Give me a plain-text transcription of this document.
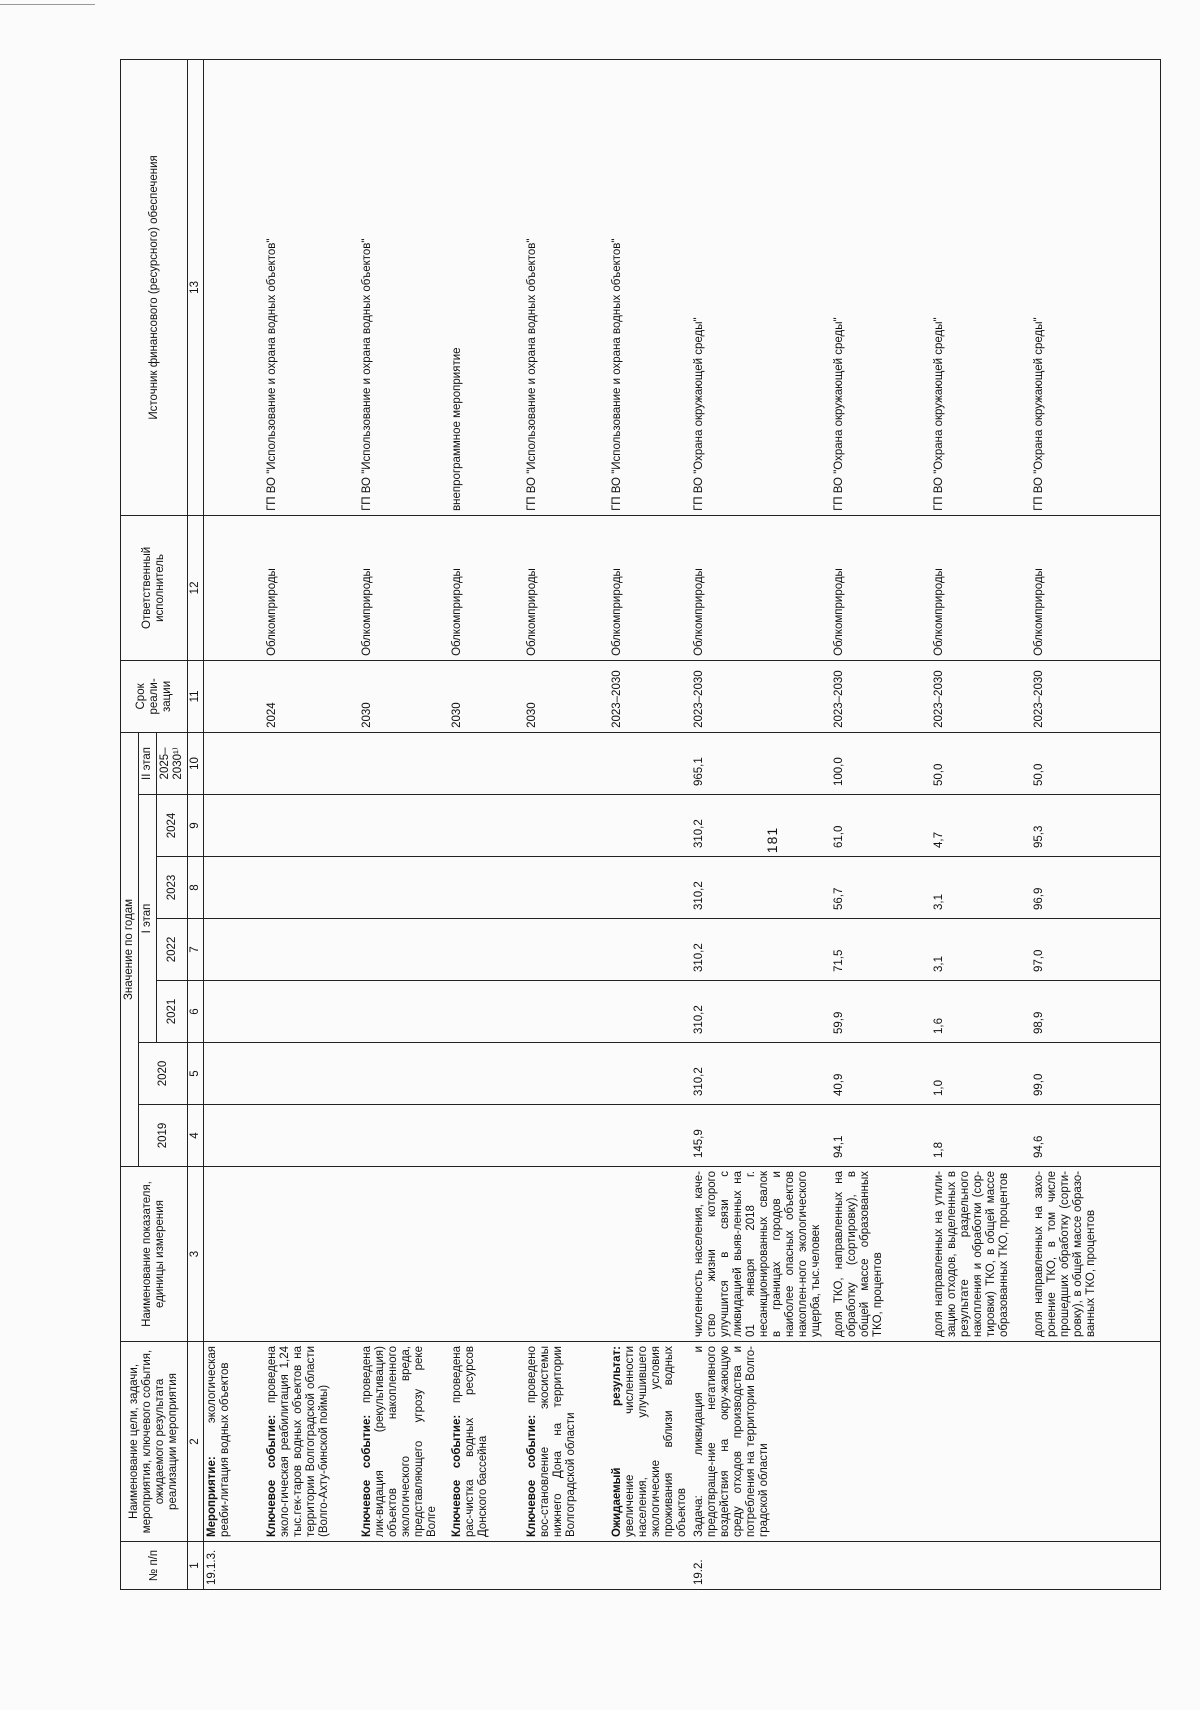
181
№ п/п	Наименование цели, задачи, мероприятия, ключевого события, ожидаемого результата реализации мероприятия	Наименование показателя, единицы измерения	Значение по годам							Срок реали-зации	Ответственный исполнитель	Источник финансового (ресурсного) обеспечения
			2019	2020	I этап				II этап			
					2021	2022	2023	2024	2025–2030¹⁾			
1	2	3	4	5	6	7	8	9	10	11	12	13
19.1.3.	Мероприятие: экологическая реаби-литация водных объектов											
	Ключевое событие: проведена эколо-гическая реабилитация 1,24 тыс.гек-таров водных объектов на территории Волгоградской области (Волго-Ахту-бинской поймы)									2024	Облкомприроды	ГП ВО "Использование и охрана водных объектов"
	Ключевое событие: проведена лик-видация (рекультивация) объектов накопленного экологического вреда, представляющего угрозу реке Волге									2030	Облкомприроды	ГП ВО "Использование и охрана водных объектов"
	Ключевое событие: проведена рас-чистка водных ресурсов Донского бассейна									2030	Облкомприроды	внепрограммное мероприятие
	Ключевое событие: проведено вос-становление экосистемы нижнего Дона на территории Волгоградской области									2030	Облкомприроды	ГП ВО "Использование и охрана водных объектов"
	Ожидаемый результат: увеличение численности населения, улучшившего экологические условия проживания вблизи водных объектов									2023–2030	Облкомприроды	ГП ВО "Использование и охрана водных объектов"
19.2.	Задача: ликвидация и предотвраще-ние негативного воздействия на окру-жающую среду отходов производства и потребления на территории Волго-градской области	численность населения, каче-ство жизни которого улучшится в связи с ликвидацией выяв-ленных на 01 января 2018 г. несанкционированных свалок в границах городов и наиболее опасных объектов накоплен-ного экологического ущерба, тыс.человек	145,9	310,2	310,2	310,2	310,2	310,2	965,1	2023–2030	Облкомприроды	ГП ВО "Охрана окружающей среды"
		доля ТКО, направленных на обработку (сортировку), в общей массе образованных ТКО, процентов	94,1	40,9	59,9	71,5	56,7	61,0	100,0	2023–2030	Облкомприроды	ГП ВО "Охрана окружающей среды"
		доля направленных на утили-зацию отходов, выделенных в результате раздельного накопления и обработки (сор-тировки) ТКО, в общей массе образованных ТКО, процентов	1,8	1,0	1,6	3,1	3,1	4,7	50,0	2023–2030	Облкомприроды	ГП ВО "Охрана окружающей среды"
		доля направленных на захо-ронение ТКО, в том числе прошедших обработку (сорти-ровку), в общей массе образо-ванных ТКО, процентов	94,6	99,0	98,9	97,0	96,9	95,3	50,0	2023–2030	Облкомприроды	ГП ВО "Охрана окружающей среды"
